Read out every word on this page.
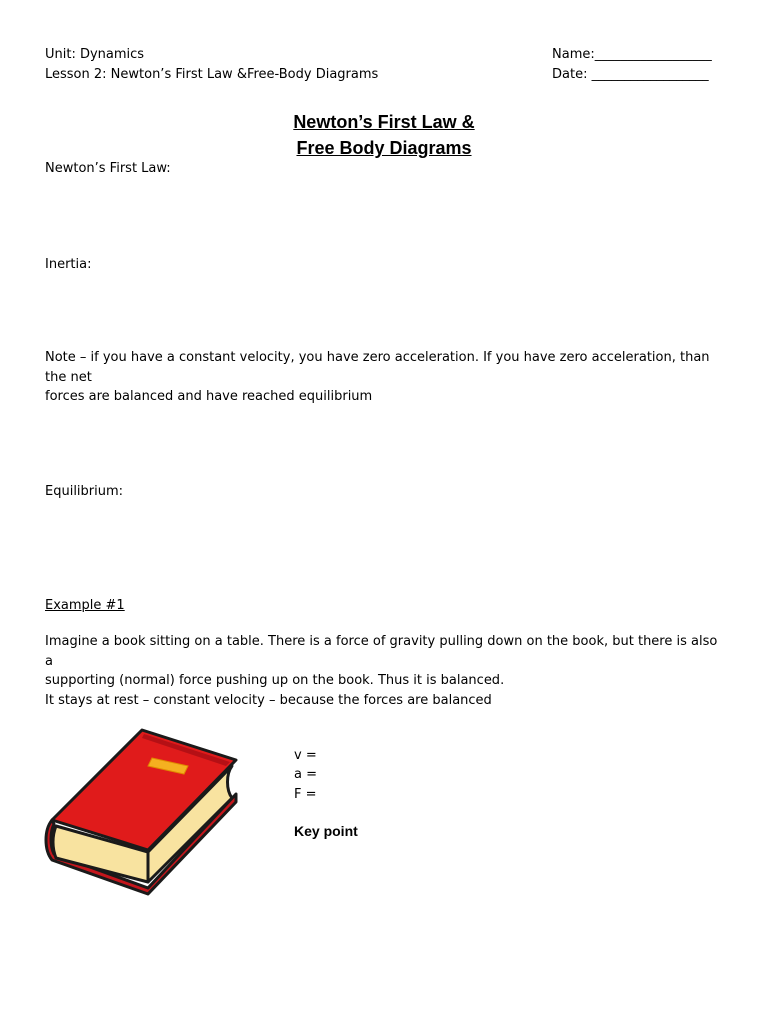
Unit: Dynamics
Lesson 2: Newton’s First Law &Free-Body Diagrams
Name:__________________
Date: __________________
Newton’s First Law &
Free Body Diagrams
Newton’s First Law:
Inertia:
Note – if you have a constant velocity, you have zero acceleration. If you have zero acceleration, than the net
forces are balanced and have reached equilibrium
Equilibrium:
Example #1
Imagine a book sitting on a table. There is a force of gravity pulling down on the book, but there is also a
supporting (normal) force pushing up on the book. Thus it is balanced.
It stays at rest – constant velocity – because the forces are balanced
v =
a =
F =
Key point
